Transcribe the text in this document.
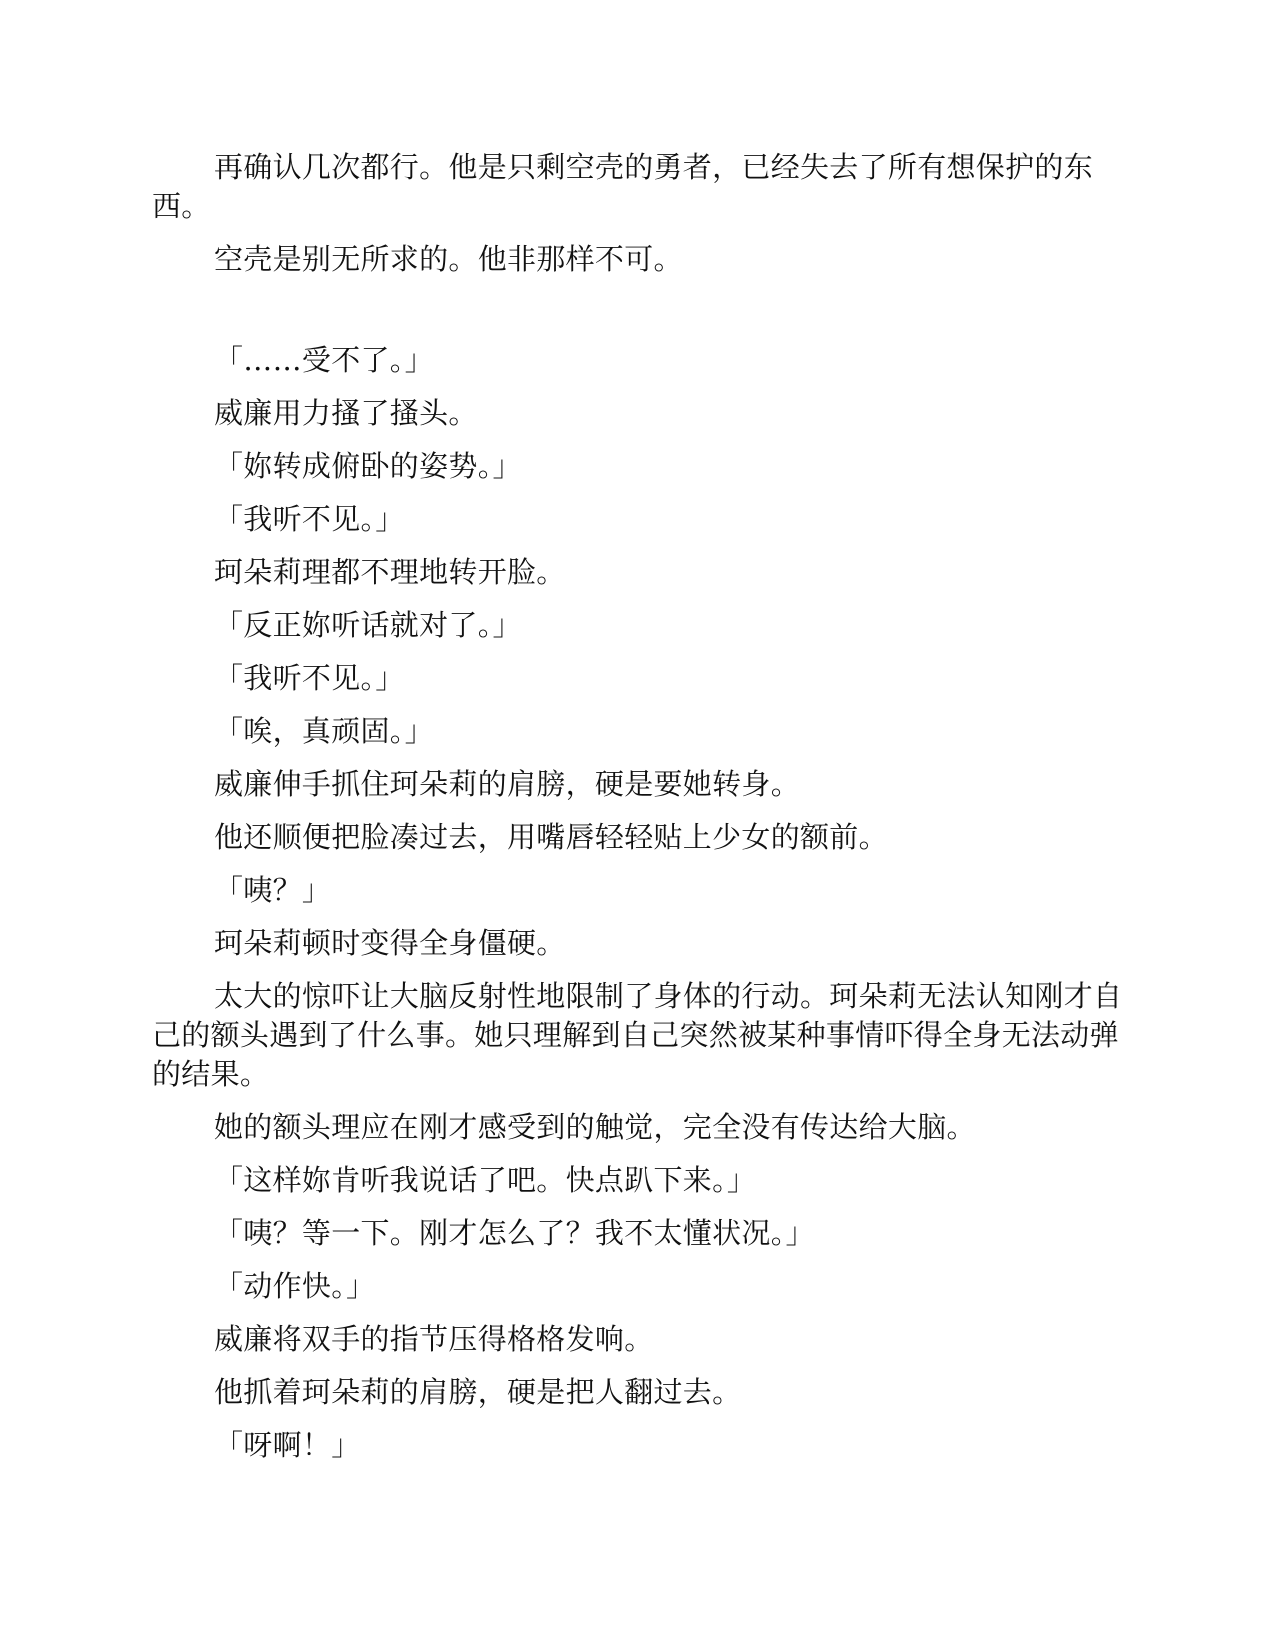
再确认几次都行。他是只剩空壳的勇者，已经失去了所有想保护的东西。

空壳是别无所求的。他非那样不可。

「……受不了。」

威廉用力搔了搔头。

「妳转成俯卧的姿势。」

「我听不见。」

珂朵莉理都不理地转开脸。

「反正妳听话就对了。」

「我听不见。」

「唉，真顽固。」

威廉伸手抓住珂朵莉的肩膀，硬是要她转身。

他还顺便把脸凑过去，用嘴唇轻轻贴上少女的额前。

「咦？」

珂朵莉顿时变得全身僵硬。

太大的惊吓让大脑反射性地限制了身体的行动。珂朵莉无法认知刚才自己的额头遇到了什么事。她只理解到自己突然被某种事情吓得全身无法动弹的结果。

她的额头理应在刚才感受到的触觉，完全没有传达给大脑。

「这样妳肯听我说话了吧。快点趴下来。」

「咦？等一下。刚才怎么了？我不太懂状况。」

「动作快。」

威廉将双手的指节压得格格发响。

他抓着珂朵莉的肩膀，硬是把人翻过去。

「呀啊！」
